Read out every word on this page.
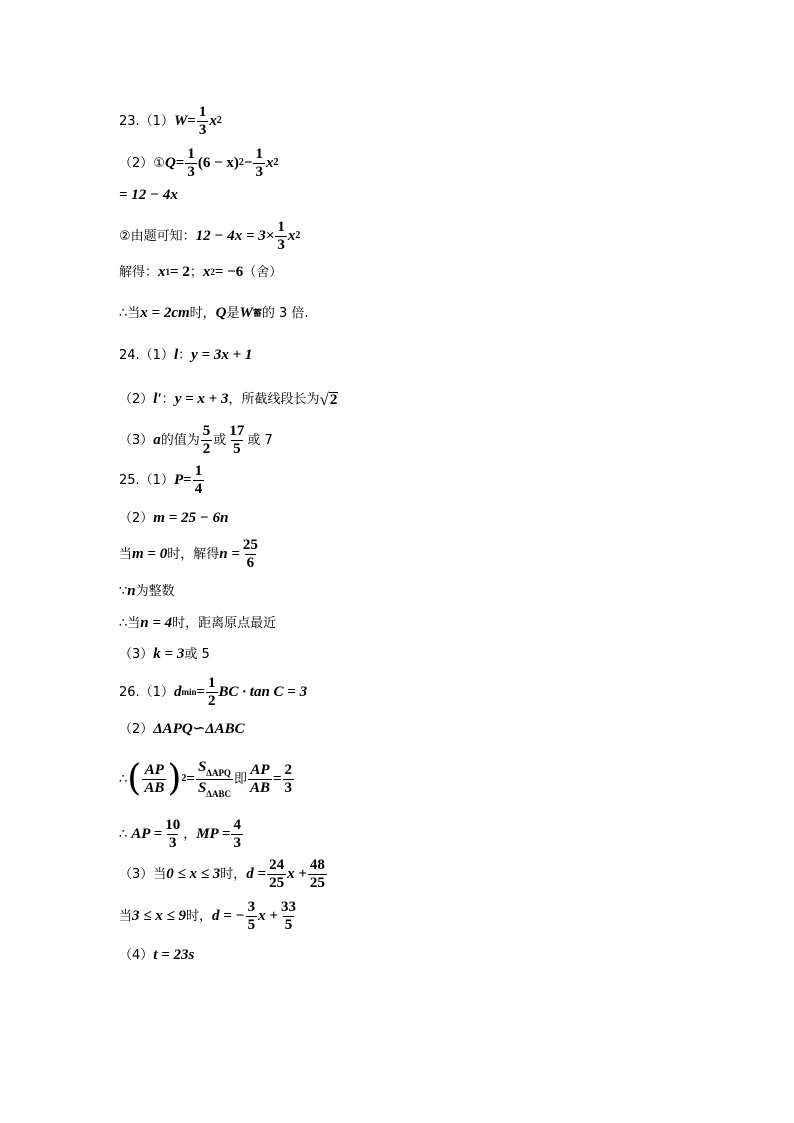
23.（1） $W = \frac{1}{3}$ x 2
（2）① $Q = \frac{1}{3} (6 - x) 2 - \frac{1}{3}$ x 2
= 12 − 4x
②由题可知： $12 - 4x = 3\times \frac{1}{3}$ x 2
解得： x 1 = 2 ； x 2 = −6 （舍）
∴当 x = 2cm 时， Q 是 W 蓄 的 3 倍.
24.（1） l ： y = 3x + 1
（2） l′ ： y = x + 3 ，所截线段长为 √ 2
（3） a 的值为 $\frac{5}{2}$ 或 $\frac{17}{5}$ 或 7
25.（1） $P = \frac{1}{4}$
（2） m = 25 − 6n
当 m = 0 时，解得 $n = \frac{25}{6}$
∵ n 为整数
∴当 n = 4 时，距离原点最近
（3） k = 3 或 5
26.（1） d $\min = \frac{1}{2}$ BC · tan C = 3
（2） ΔAPQ∽ΔABC
∴ ( $\frac{AP}{AB}$ ) $2 = \frac{S_{\Delta APQ}}{S_{\Delta ABC}}$ 即 $\frac{AP}{AB} = \frac{2}{3}$
∴ AP = $\frac{10}{3}$ ， MP = $\frac{4}{3}$
（3）当 0 ≤ x ≤ 3 时， $d = \frac{24}{25}$ $x + \frac{48}{25}$
当 3 ≤ x ≤ 9 时， d = − $\frac{3}{5}$ $x + \frac{33}{5}$
（4） t = 23s
